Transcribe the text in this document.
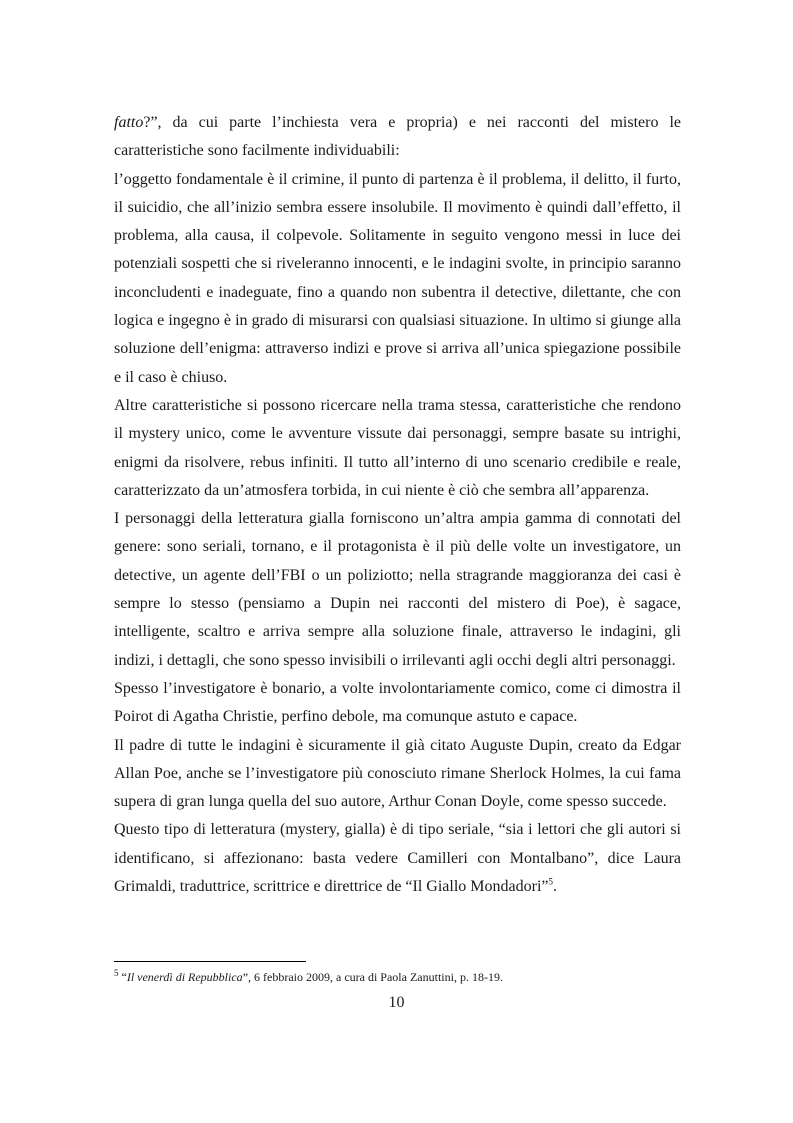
fatto?”, da cui parte l’inchiesta vera e propria) e nei racconti del mistero le caratteristiche sono facilmente individuabili:

l’oggetto fondamentale è il crimine, il punto di partenza è il problema, il delitto, il furto, il suicidio, che all’inizio sembra essere insolubile. Il movimento è quindi dall’effetto, il problema, alla causa, il colpevole. Solitamente in seguito vengono messi in luce dei potenziali sospetti che si riveleranno innocenti, e le indagini svolte, in principio saranno inconcludenti e inadeguate, fino a quando non subentra il detective, dilettante, che con logica e ingegno è in grado di misurarsi con qualsiasi situazione. In ultimo si giunge alla soluzione dell’enigma: attraverso indizi e prove si arriva all’unica spiegazione possibile e il caso è chiuso.

Altre caratteristiche si possono ricercare nella trama stessa, caratteristiche che rendono il mystery unico, come le avventure vissute dai personaggi, sempre basate su intrighi, enigmi da risolvere, rebus infiniti. Il tutto all’interno di uno scenario credibile e reale, caratterizzato da un’atmosfera torbida, in cui niente è ciò che sembra all’apparenza.

I personaggi della letteratura gialla forniscono un’altra ampia gamma di connotati del genere: sono seriali, tornano, e il protagonista è il più delle volte un investigatore, un detective, un agente dell’FBI o un poliziotto; nella stragrande maggioranza dei casi è sempre lo stesso (pensiamo a Dupin nei racconti del mistero di Poe), è sagace, intelligente, scaltro e arriva sempre alla soluzione finale, attraverso le indagini, gli indizi, i dettagli, che sono spesso invisibili o irrilevanti agli occhi degli altri personaggi.

Spesso l’investigatore è bonario, a volte involontariamente comico, come ci dimostra il Poirot di Agatha Christie, perfino debole, ma comunque astuto e capace.

Il padre di tutte le indagini è sicuramente il già citato Auguste Dupin, creato da Edgar Allan Poe, anche se l’investigatore più conosciuto rimane Sherlock Holmes, la cui fama supera di gran lunga quella del suo autore, Arthur Conan Doyle, come spesso succede.

Questo tipo di letteratura (mystery, gialla) è di tipo seriale, “sia i lettori che gli autori si identificano, si affezionano: basta vedere Camilleri con Montalbano”, dice Laura Grimaldi, traduttrice, scrittrice e direttrice de “Il Giallo Mondadori”$^5$.

$^5$ “Il venerdì di Repubblica”, 6 febbraio 2009, a cura di Paola Zanuttini, p. 18-19.
10
